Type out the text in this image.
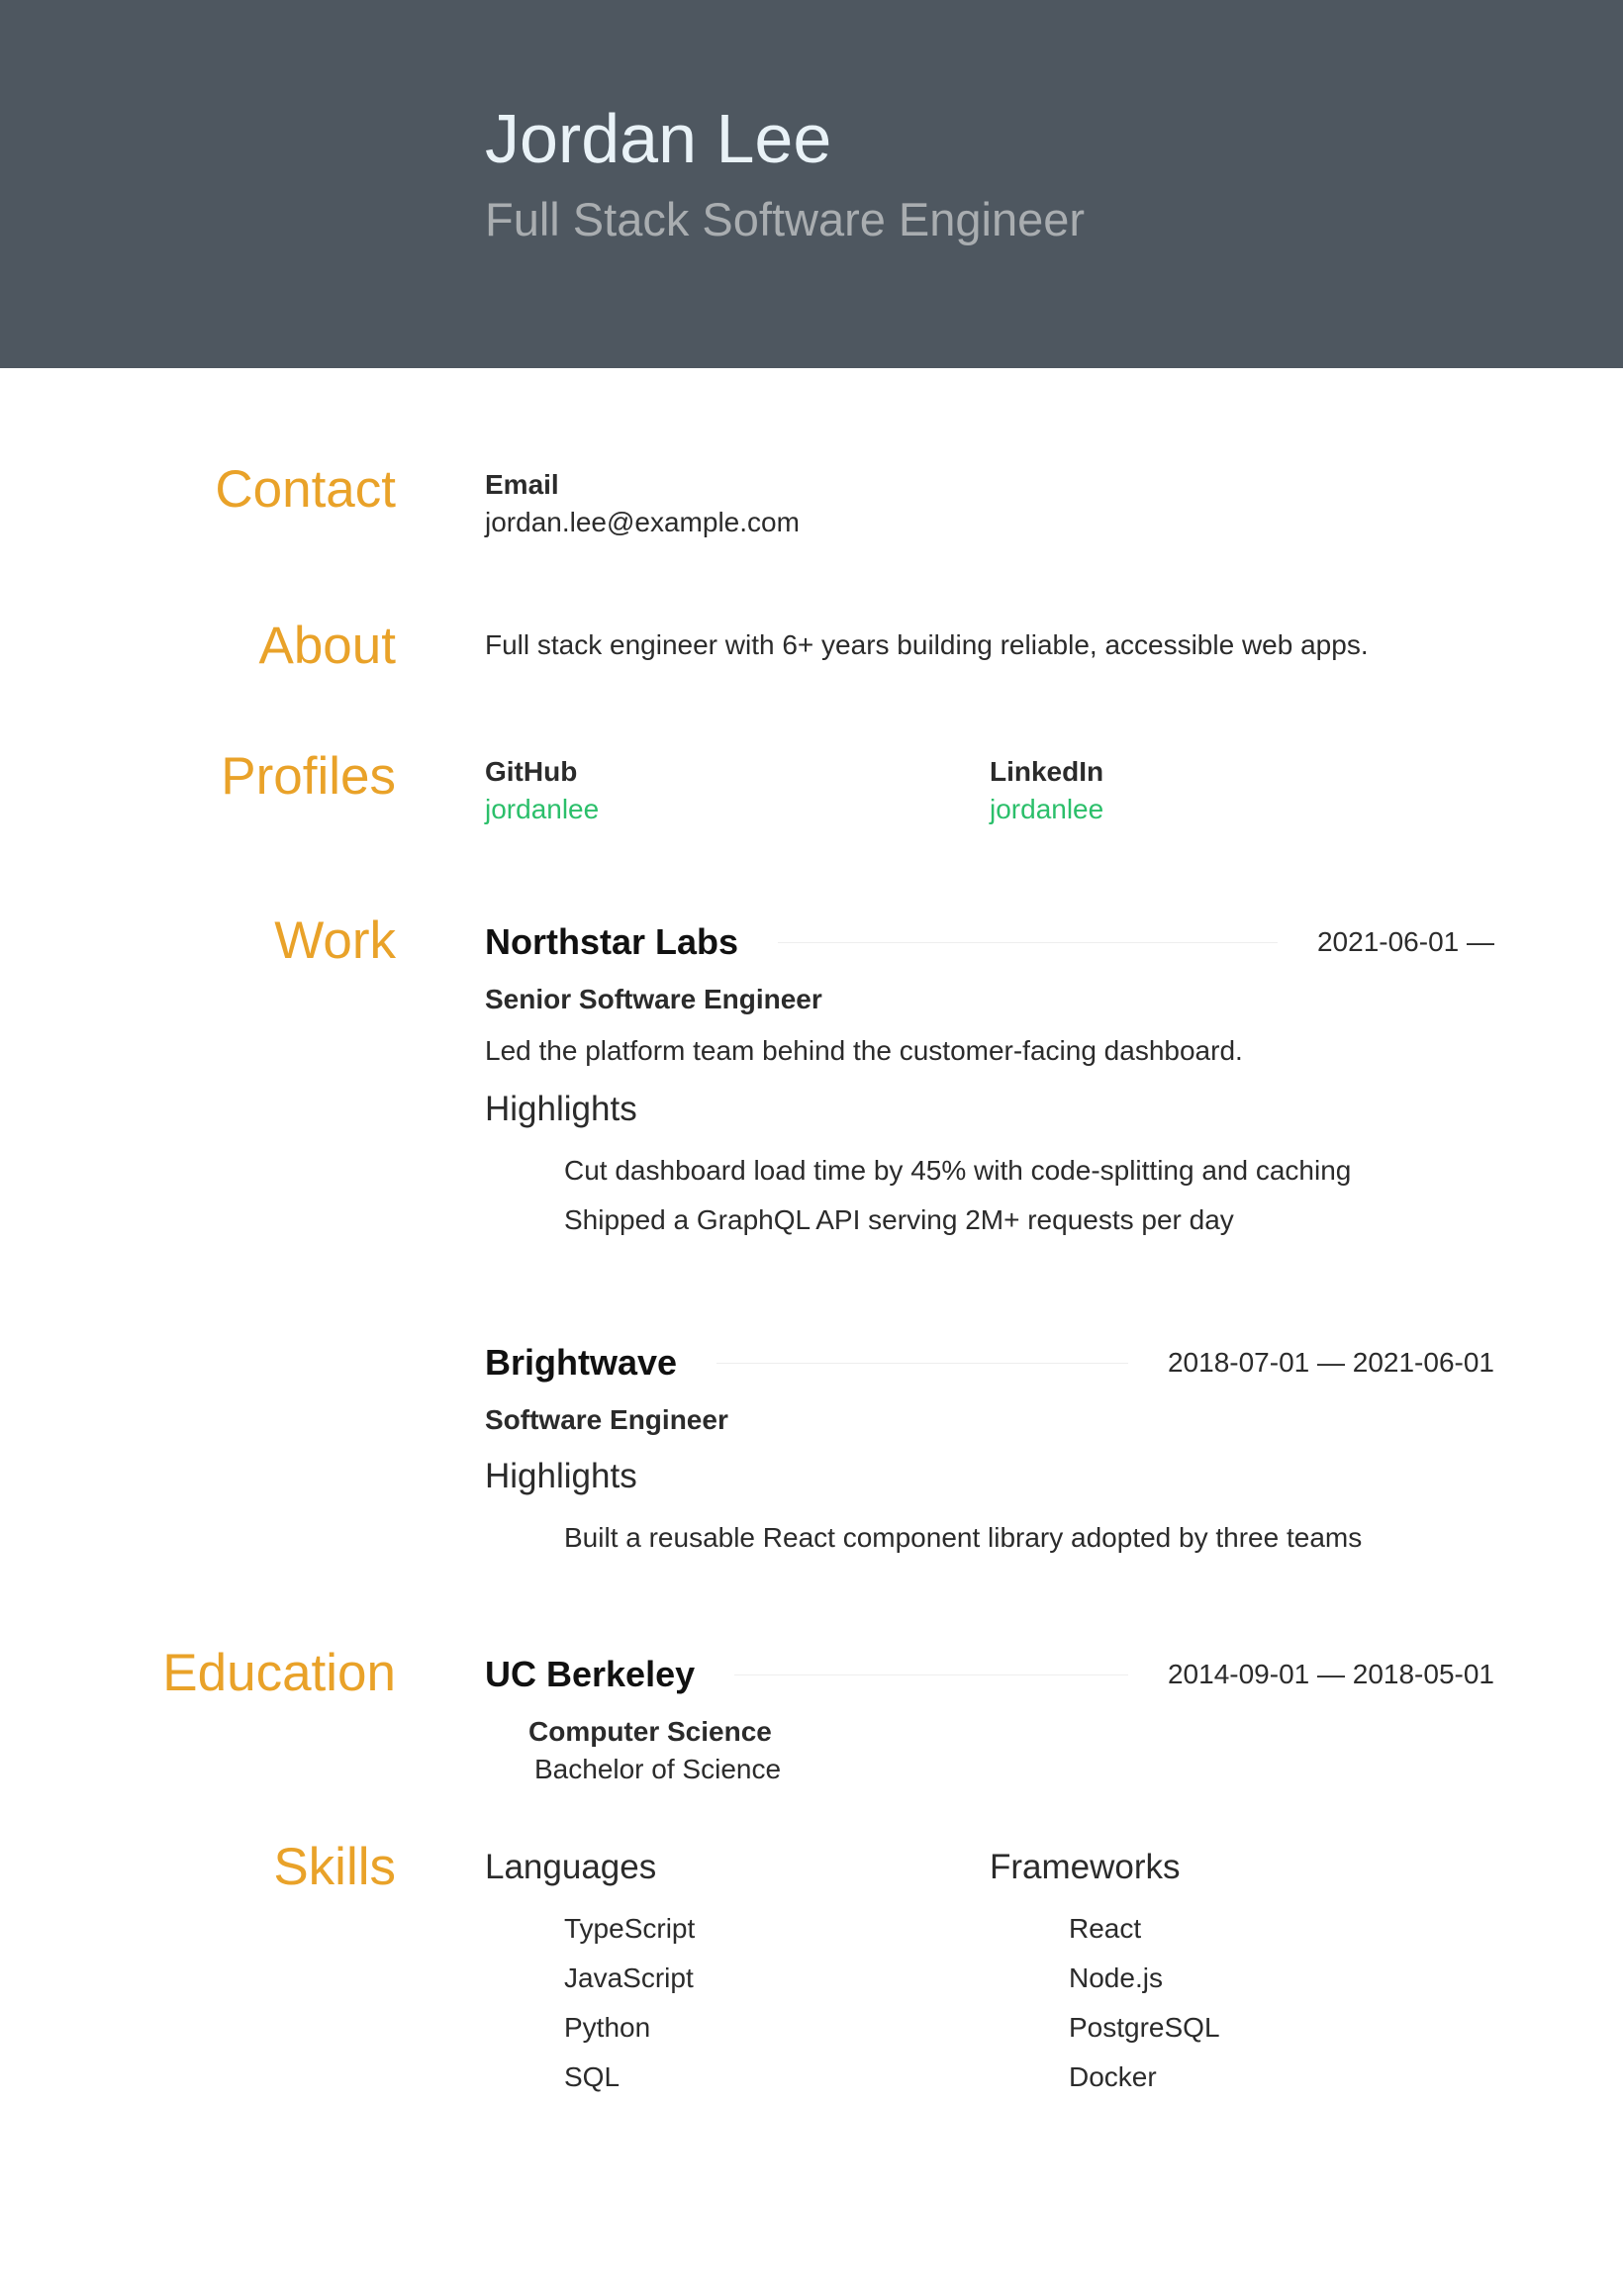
Jordan Lee
Full Stack Software Engineer
Contact	Email
jordan.lee@example.com
About	Full stack engineer with 6+ years building reliable, accessible web apps.
Profiles	GitHub
jordanlee
LinkedIn
jordanlee
Work	Northstar Labs	2021-06-01 —
Senior Software Engineer
Led the platform team behind the customer-facing dashboard.
Highlights
Cut dashboard load time by 45% with code-splitting and caching
Shipped a GraphQL API serving 2M+ requests per day
Brightwave	2018-07-01 — 2021-06-01
Software Engineer
Highlights
Built a reusable React component library adopted by three teams
Education	UC Berkeley	2014-09-01 — 2018-05-01
Computer Science
Bachelor of Science
Skills	Languages
TypeScript
JavaScript
Python
SQL
Frameworks
React
Node.js
PostgreSQL
Docker
